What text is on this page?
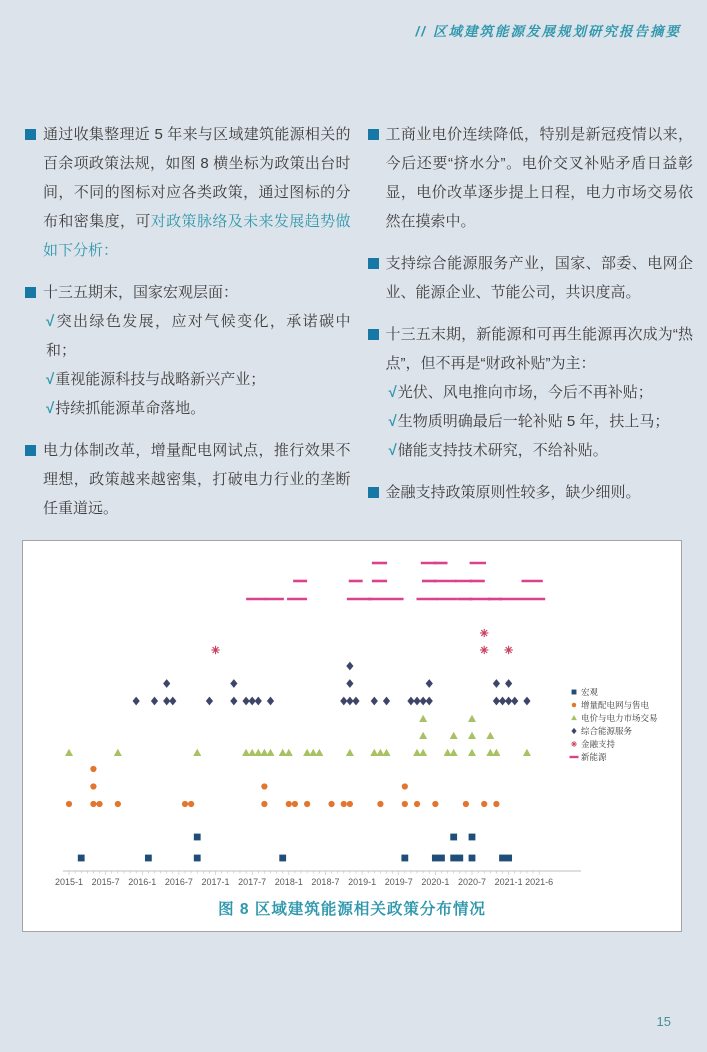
// 区域建筑能源发展规划研究报告摘要
通过收集整理近 5 年来与区域建筑能源相关的百余项政策法规，如图 8 横坐标为政策出台时间，不同的图标对应各类政策，通过图标的分布和密集度，可对政策脉络及未来发展趋势做如下分析：
十三五期末，国家宏观层面：
√突出绿色发展，应对气候变化，承诺碳中和；
√重视能源科技与战略新兴产业；
√持续抓能源革命落地。
电力体制改革，增量配电网试点，推行效果不理想，政策越来越密集，打破电力行业的垄断任重道远。
工商业电价连续降低，特别是新冠疫情以来，今后还要“挤水分”。电价交叉补贴矛盾日益彰显，电价改革逐步提上日程，电力市场交易依然在摸索中。
支持综合能源服务产业，国家、部委、电网企业、能源企业、节能公司，共识度高。
十三五末期，新能源和可再生能源再次成为“热点”，但不再是“财政补贴”为主：
√光伏、风电推向市场，今后不再补贴；
√生物质明确最后一轮补贴 5 年，扶上马；
√储能支持技术研究，不给补贴。
金融支持政策原则性较多，缺少细则。
2015-1 2015-7 2016-1 2016-7 2017-1 2017-7 2018-1 2018-7 2019-1 2019-7 2020-1 2020-7 2021-1 2021-6
宏观
增量配电网与售电
电价与电力市场交易
综合能源服务
金融支持
新能源
图 8 区域建筑能源相关政策分布情况
15
